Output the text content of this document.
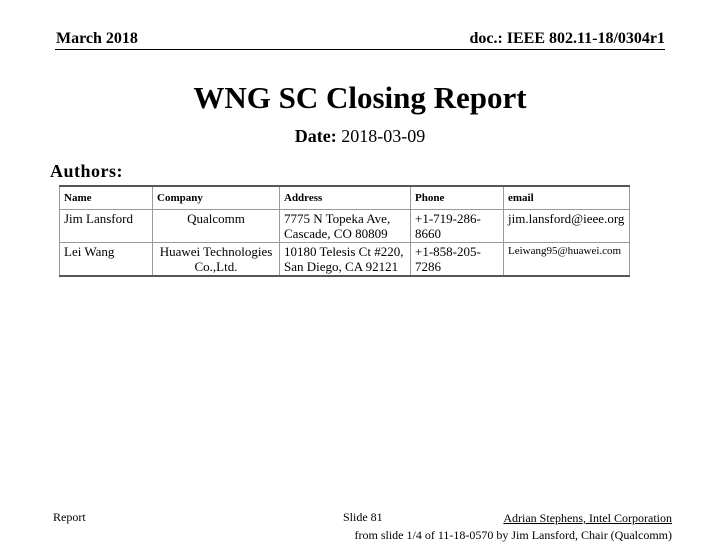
March 2018	doc.: IEEE 802.11-18/0304r1
WNG SC Closing Report
Date: 2018-03-09
Authors:
Name	Company	Address	Phone	email
Jim Lansford	Qualcomm	7775 N Topeka Ave, Cascade, CO 80809	+1-719-286-8660	jim.lansford@ieee.org
Lei Wang	Huawei Technologies Co.,Ltd.	10180 Telesis Ct #220, San Diego, CA 92121	+1-858-205-7286	Leiwang95@huawei.com
Report	Slide 81	Adrian Stephens, Intel Corporation
from slide 1/4 of 11-18-0570 by Jim Lansford, Chair (Qualcomm)
